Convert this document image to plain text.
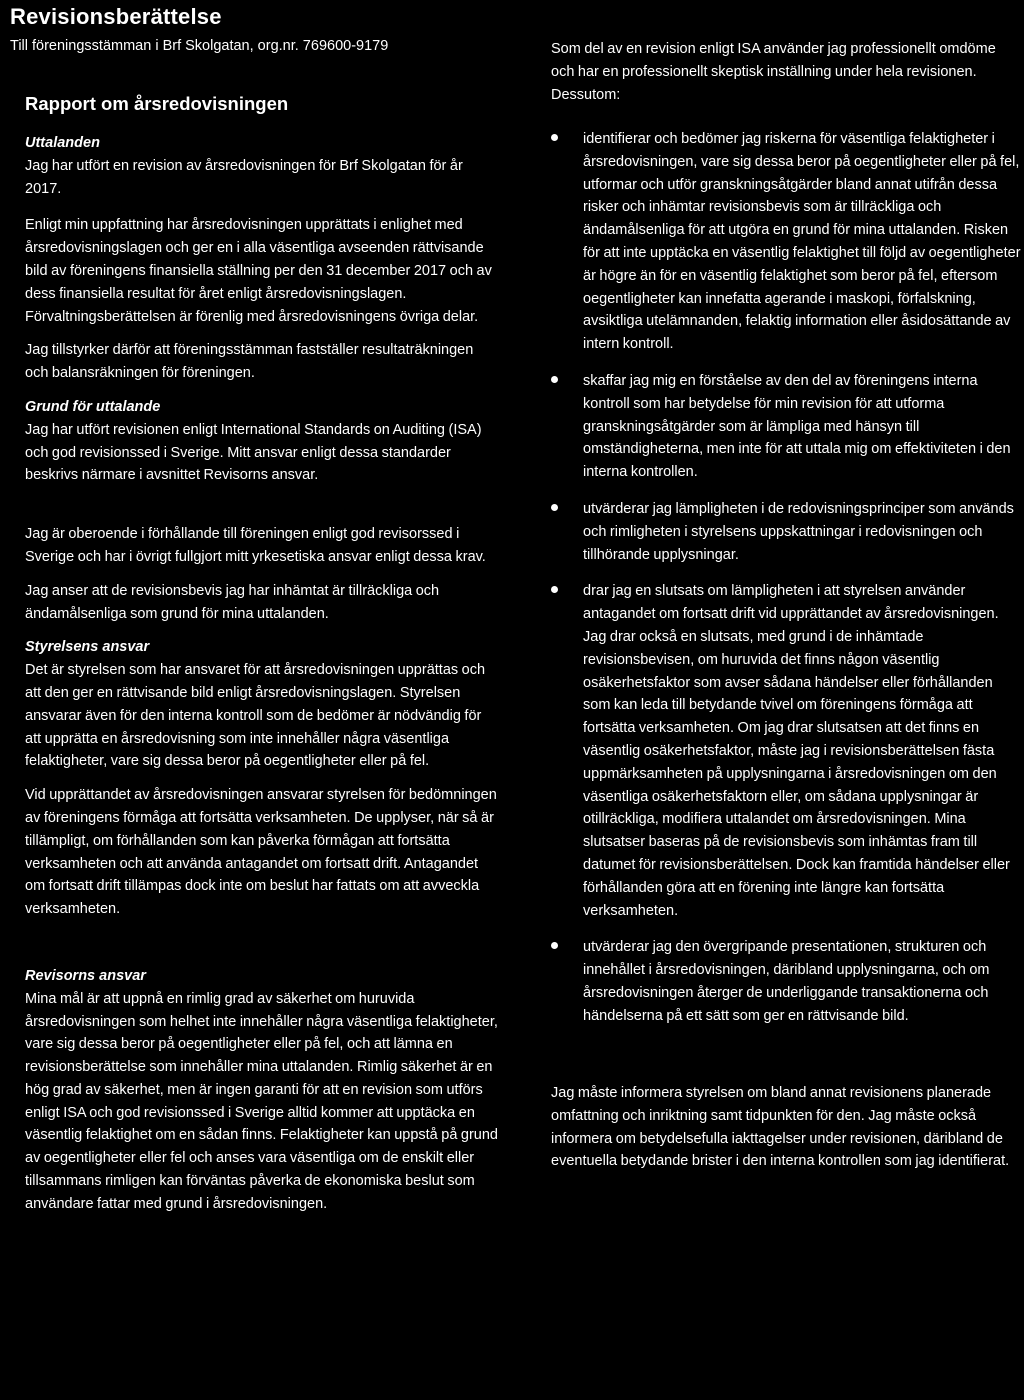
Revisionsberättelse
Till föreningsstämman i Brf Skolgatan, org.nr. 769600-9179
Rapport om årsredovisningen

Uttalanden

Jag har utfört en revision av årsredovisningen för Brf Skolgatan för år 2017.

Enligt min uppfattning har årsredovisningen upprättats i enlighet med årsredovisningslagen och ger en i alla väsentliga avseenden rättvisande bild av föreningens finansiella ställning per den 31 december 2017 och av dess finansiella resultat för året enligt årsredovisningslagen. Förvaltningsberättelsen är förenlig med årsredovisningens övriga delar.

Jag tillstyrker därför att föreningsstämman fastställer resultaträkningen och balansräkningen för föreningen.

Grund för uttalande

Jag har utfört revisionen enligt International Standards on Auditing (ISA) och god revisionssed i Sverige. Mitt ansvar enligt dessa standarder beskrivs närmare i avsnittet Revisorns ansvar.

Jag är oberoende i förhållande till föreningen enligt god revisorssed i Sverige och har i övrigt fullgjort mitt yrkesetiska ansvar enligt dessa krav.

Jag anser att de revisionsbevis jag har inhämtat är tillräckliga och ändamålsenliga som grund för mina uttalanden.

Styrelsens ansvar

Det är styrelsen som har ansvaret för att årsredovisningen upprättas och att den ger en rättvisande bild enligt årsredovisningslagen. Styrelsen ansvarar även för den interna kontroll som de bedömer är nödvändig för att upprätta en årsredovisning som inte innehåller några väsentliga felaktigheter, vare sig dessa beror på oegentligheter eller på fel.

Vid upprättandet av årsredovisningen ansvarar styrelsen för bedömningen av föreningens förmåga att fortsätta verksamheten. De upplyser, när så är tillämpligt, om förhållanden som kan påverka förmågan att fortsätta verksamheten och att använda antagandet om fortsatt drift. Antagandet om fortsatt drift tillämpas dock inte om beslut har fattats om att avveckla verksamheten.

Revisorns ansvar

Mina mål är att uppnå en rimlig grad av säkerhet om huruvida årsredovisningen som helhet inte innehåller några väsentliga felaktigheter, vare sig dessa beror på oegentligheter eller på fel, och att lämna en revisionsberättelse som innehåller mina uttalanden. Rimlig säkerhet är en hög grad av säkerhet, men är ingen garanti för att en revision som utförs enligt ISA och god revisionssed i Sverige alltid kommer att upptäcka en väsentlig felaktighet om en sådan finns. Felaktigheter kan uppstå på grund av oegentligheter eller fel och anses vara väsentliga om de enskilt eller tillsammans rimligen kan förväntas påverka de ekonomiska beslut som användare fattar med grund i årsredovisningen.

Som del av en revision enligt ISA använder jag professionellt omdöme och har en professionellt skeptisk inställning under hela revisionen. Dessutom:

identifierar och bedömer jag riskerna för väsentliga felaktigheter i årsredovisningen, vare sig dessa beror på oegentligheter eller på fel, utformar och utför granskningsåtgärder bland annat utifrån dessa risker och inhämtar revisionsbevis som är tillräckliga och ändamålsenliga för att utgöra en grund för mina uttalanden. Risken för att inte upptäcka en väsentlig felaktighet till följd av oegentligheter är högre än för en väsentlig felaktighet som beror på fel, eftersom oegentligheter kan innefatta agerande i maskopi, förfalskning, avsiktliga utelämnanden, felaktig information eller åsidosättande av intern kontroll.
skaffar jag mig en förståelse av den del av föreningens interna kontroll som har betydelse för min revision för att utforma granskningsåtgärder som är lämpliga med hänsyn till omständigheterna, men inte för att uttala mig om effektiviteten i den interna kontrollen.
utvärderar jag lämpligheten i de redovisningsprinciper som används och rimligheten i styrelsens uppskattningar i redovisningen och tillhörande upplysningar.
drar jag en slutsats om lämpligheten i att styrelsen använder antagandet om fortsatt drift vid upprättandet av årsredovisningen. Jag drar också en slutsats, med grund i de inhämtade revisionsbevisen, om huruvida det finns någon väsentlig osäkerhetsfaktor som avser sådana händelser eller förhållanden som kan leda till betydande tvivel om föreningens förmåga att fortsätta verksamheten. Om jag drar slutsatsen att det finns en väsentlig osäkerhetsfaktor, måste jag i revisionsberättelsen fästa uppmärksamheten på upplysningarna i årsredovisningen om den väsentliga osäkerhetsfaktorn eller, om sådana upplysningar är otillräckliga, modifiera uttalandet om årsredovisningen. Mina slutsatser baseras på de revisionsbevis som inhämtas fram till datumet för revisionsberättelsen. Dock kan framtida händelser eller förhållanden göra att en förening inte längre kan fortsätta verksamheten.
utvärderar jag den övergripande presentationen, strukturen och innehållet i årsredovisningen, däribland upplysningarna, och om årsredovisningen återger de underliggande transaktionerna och händelserna på ett sätt som ger en rättvisande bild.

Jag måste informera styrelsen om bland annat revisionens planerade omfattning och inriktning samt tidpunkten för den. Jag måste också informera om betydelsefulla iakttagelser under revisionen, däribland de eventuella betydande brister i den interna kontrollen som jag identifierat.
